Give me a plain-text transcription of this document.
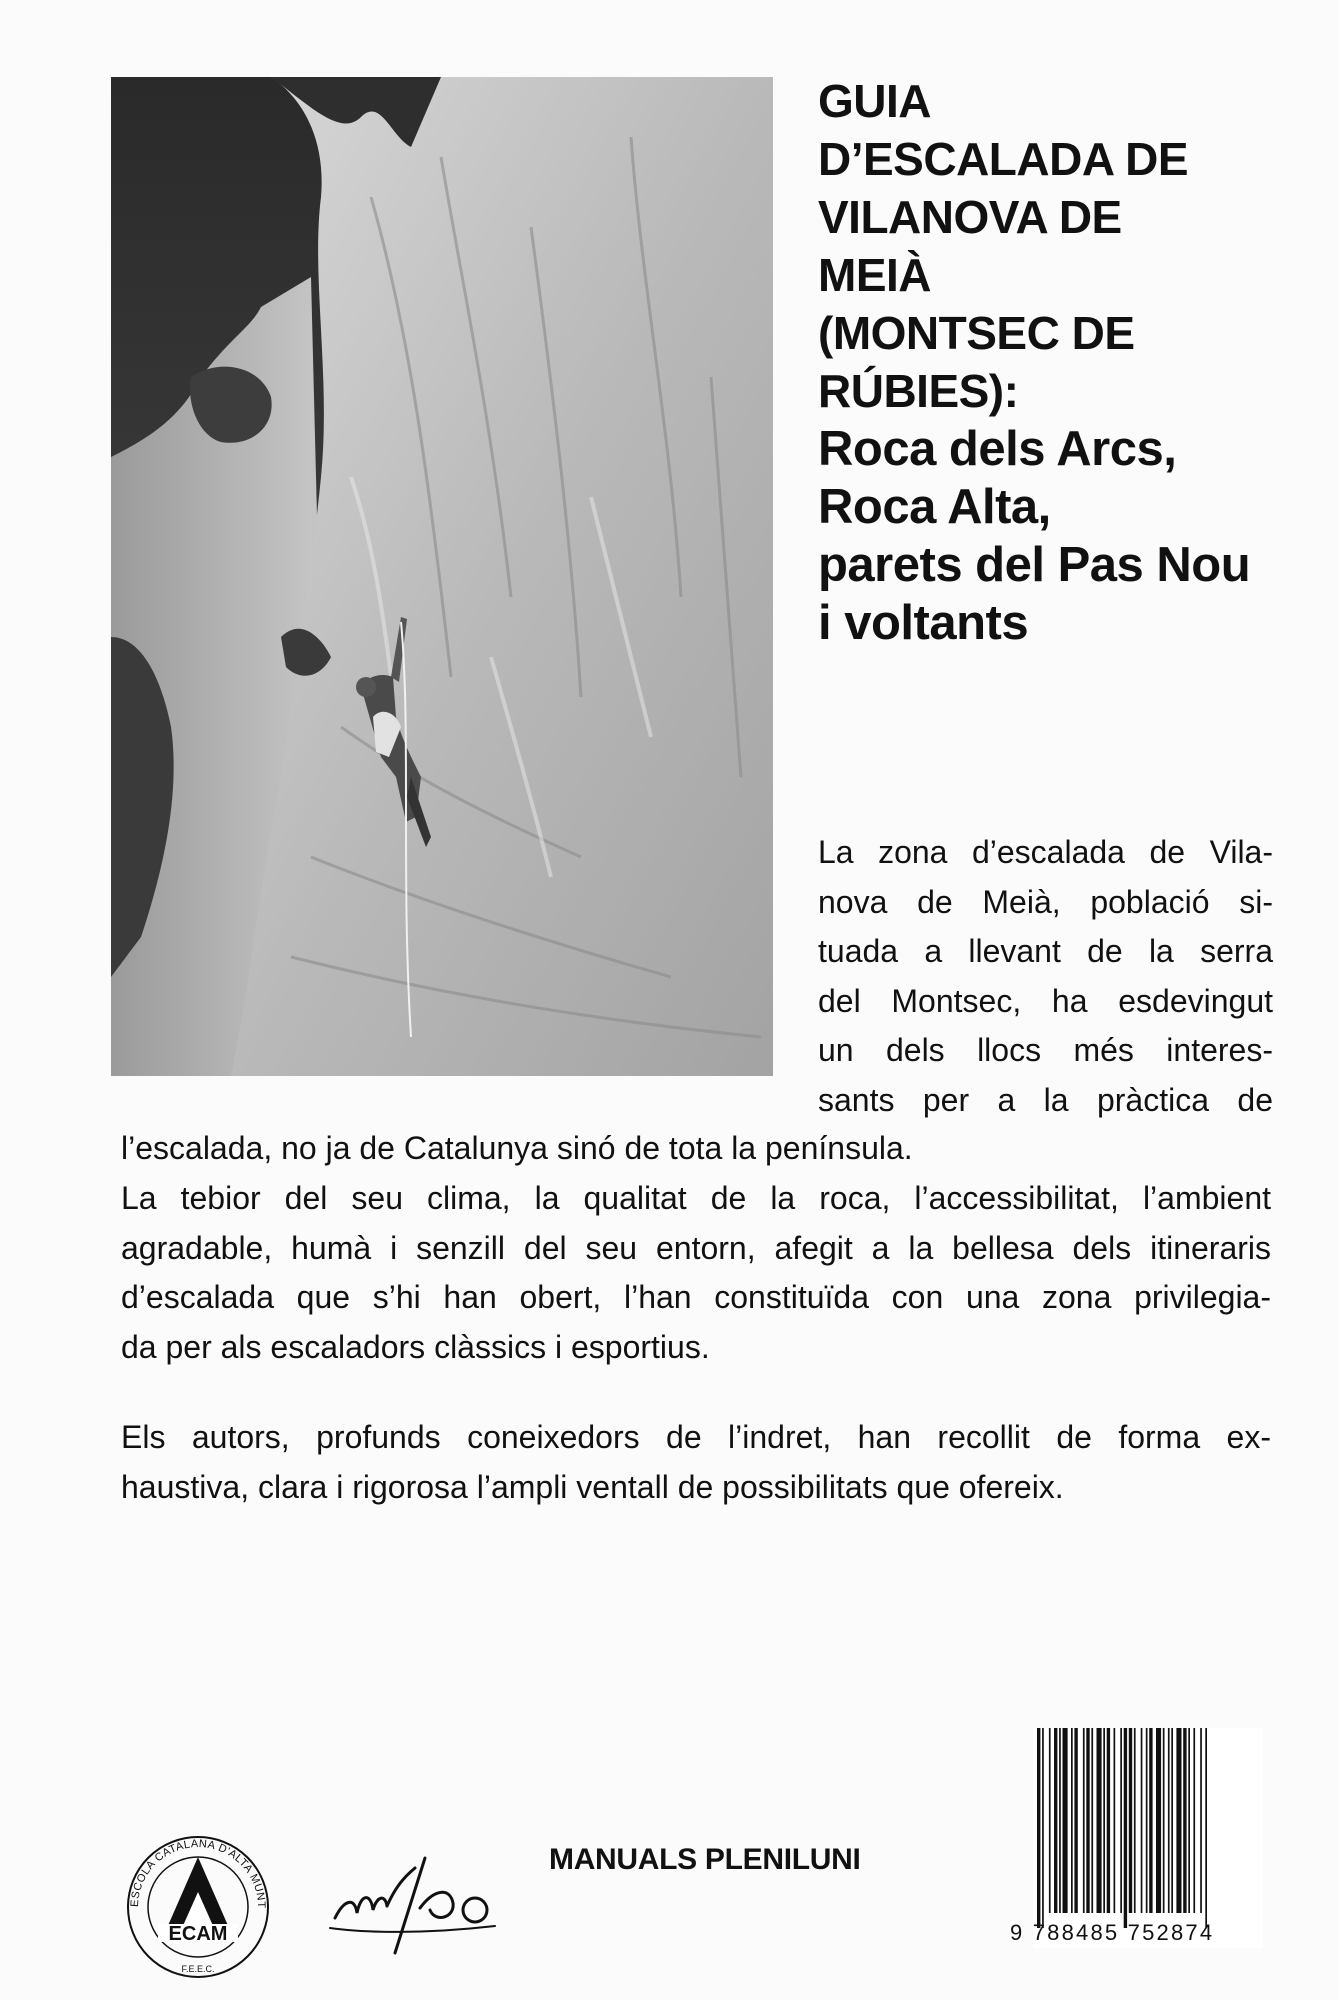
GUIA
D’ESCALADA DE
VILANOVA DE
MEIÀ
(MONTSEC DE
RÚBIES):
Roca dels Arcs,
Roca Alta,
parets del Pas Nou
i voltants
La zona d’escalada de Vila-
nova de Meià, població si-
tuada a llevant de la serra
del Montsec, ha esdevingut
un dels llocs més interes-
sants per a la pràctica de
l’escalada, no ja de Catalunya sinó de tota la península.
La tebior del seu clima, la qualitat de la roca, l’accessibilitat, l’ambient
agradable, humà i senzill del seu entorn, afegit a la bellesa dels itineraris
d’escalada que s’hi han obert, l’han constituïda con una zona privilegia-
da per als escaladors clàssics i esportius.
Els autors, profunds coneixedors de l’indret, han recollit de forma ex-
haustiva, clara i rigorosa l’ampli ventall de possibilitats que ofereix.
ESCOLA CATALANA D'ALTA MUNT
ECAM
F.E.E.C.
MANUALS PLENILUNI
9 788485 752874
